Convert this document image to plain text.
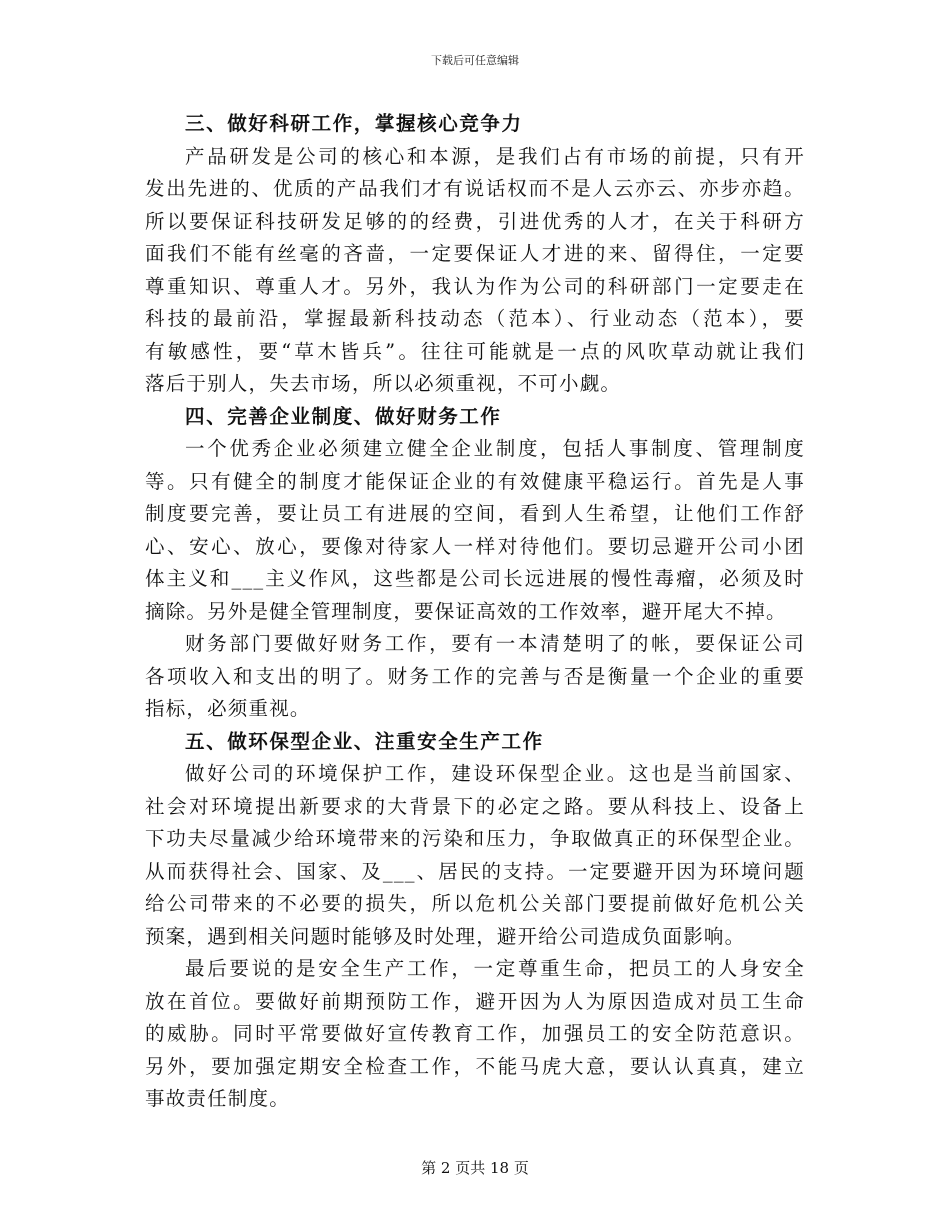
下载后可任意编辑
三、做好科研工作，掌握核心竞争力
产品研发是公司的核心和本源，是我们占有市场的前提，只有开
发出先进的、优质的产品我们才有说话权而不是人云亦云、亦步亦趋。
所以要保证科技研发足够的的经费，引进优秀的人才，在关于科研方
面我们不能有丝毫的吝啬，一定要保证人才进的来、留得住，一定要
尊重知识、尊重人才。另外，我认为作为公司的科研部门一定要走在
科技的最前沿，掌握最新科技动态（范本）、行业动态（范本），要
有敏感性，要“草木皆兵”。往往可能就是一点的风吹草动就让我们
落后于别人，失去市场，所以必须重视，不可小觑。
四、完善企业制度、做好财务工作
一个优秀企业必须建立健全企业制度，包括人事制度、管理制度
等。只有健全的制度才能保证企业的有效健康平稳运行。首先是人事
制度要完善，要让员工有进展的空间，看到人生希望，让他们工作舒
心、安心、放心，要像对待家人一样对待他们。要切忌避开公司小团
体主义和___主义作风，这些都是公司长远进展的慢性毒瘤，必须及时
摘除。另外是健全管理制度，要保证高效的工作效率，避开尾大不掉。
财务部门要做好财务工作，要有一本清楚明了的帐，要保证公司
各项收入和支出的明了。财务工作的完善与否是衡量一个企业的重要
指标，必须重视。
五、做环保型企业、注重安全生产工作
做好公司的环境保护工作，建设环保型企业。这也是当前国家、
社会对环境提出新要求的大背景下的必定之路。要从科技上、设备上
下功夫尽量减少给环境带来的污染和压力，争取做真正的环保型企业。
从而获得社会、国家、及___、居民的支持。一定要避开因为环境问题
给公司带来的不必要的损失，所以危机公关部门要提前做好危机公关
预案，遇到相关问题时能够及时处理，避开给公司造成负面影响。
最后要说的是安全生产工作，一定尊重生命，把员工的人身安全
放在首位。要做好前期预防工作，避开因为人为原因造成对员工生命
的威胁。同时平常要做好宣传教育工作，加强员工的安全防范意识。
另外，要加强定期安全检查工作，不能马虎大意，要认认真真，建立
事故责任制度。
第 2 页共 18 页
